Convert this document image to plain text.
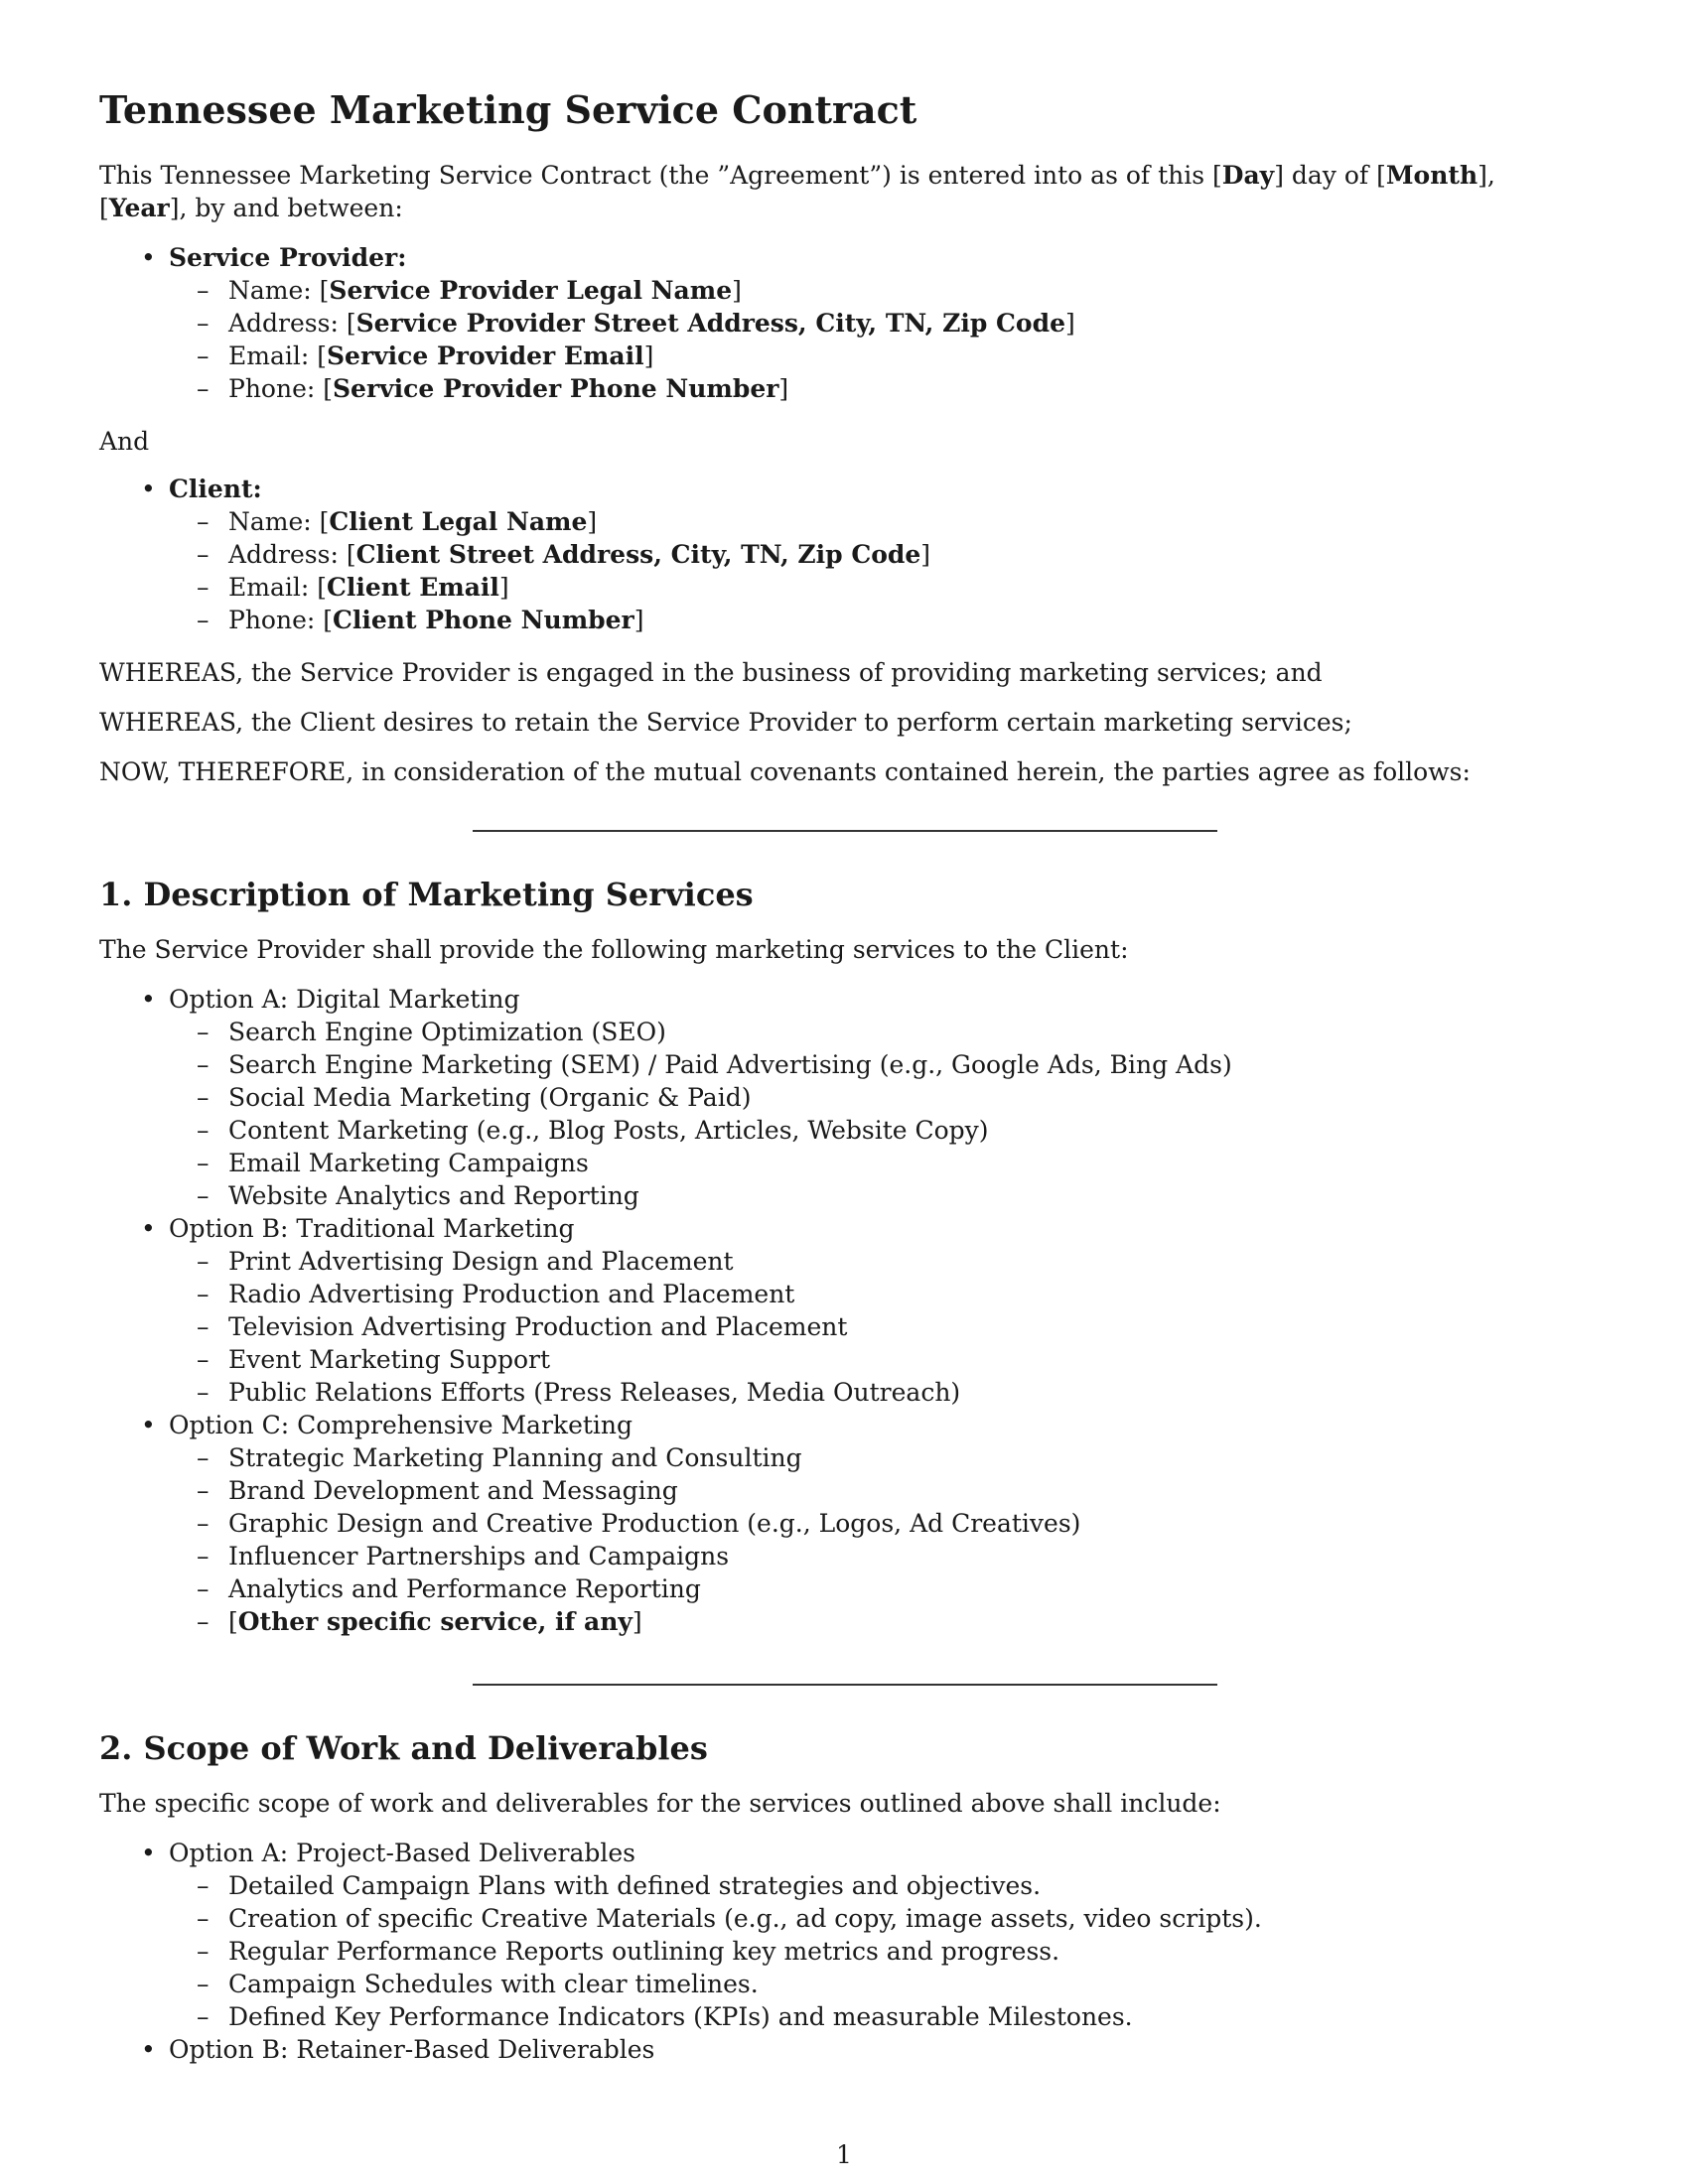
Tennessee Marketing Service Contract

This Tennessee Marketing Service Contract (the ”Agreement”) is entered into as of this [Day] day of [Month], [Year], by and between:

• Service Provider:
– Name: [Service Provider Legal Name]
– Address: [Service Provider Street Address, City, TN, Zip Code]
– Email: [Service Provider Email]
– Phone: [Service Provider Phone Number]

And

• Client:
– Name: [Client Legal Name]
– Address: [Client Street Address, City, TN, Zip Code]
– Email: [Client Email]
– Phone: [Client Phone Number]

WHEREAS, the Service Provider is engaged in the business of providing marketing services; and

WHEREAS, the Client desires to retain the Service Provider to perform certain marketing services;

NOW, THEREFORE, in consideration of the mutual covenants contained herein, the parties agree as follows:

1. Description of Marketing Services

The Service Provider shall provide the following marketing services to the Client:

• Option A: Digital Marketing
– Search Engine Optimization (SEO)
– Search Engine Marketing (SEM) / Paid Advertising (e.g., Google Ads, Bing Ads)
– Social Media Marketing (Organic & Paid)
– Content Marketing (e.g., Blog Posts, Articles, Website Copy)
– Email Marketing Campaigns
– Website Analytics and Reporting
• Option B: Traditional Marketing
– Print Advertising Design and Placement
– Radio Advertising Production and Placement
– Television Advertising Production and Placement
– Event Marketing Support
– Public Relations Efforts (Press Releases, Media Outreach)
• Option C: Comprehensive Marketing
– Strategic Marketing Planning and Consulting
– Brand Development and Messaging
– Graphic Design and Creative Production (e.g., Logos, Ad Creatives)
– Influencer Partnerships and Campaigns
– Analytics and Performance Reporting
– [Other specific service, if any]
2. Scope of Work and Deliverables

The specific scope of work and deliverables for the services outlined above shall include:

• Option A: Project-Based Deliverables
– Detailed Campaign Plans with defined strategies and objectives.
– Creation of specific Creative Materials (e.g., ad copy, image assets, video scripts).
– Regular Performance Reports outlining key metrics and progress.
– Campaign Schedules with clear timelines.
– Defined Key Performance Indicators (KPIs) and measurable Milestones.
• Option B: Retainer-Based Deliverables
1
